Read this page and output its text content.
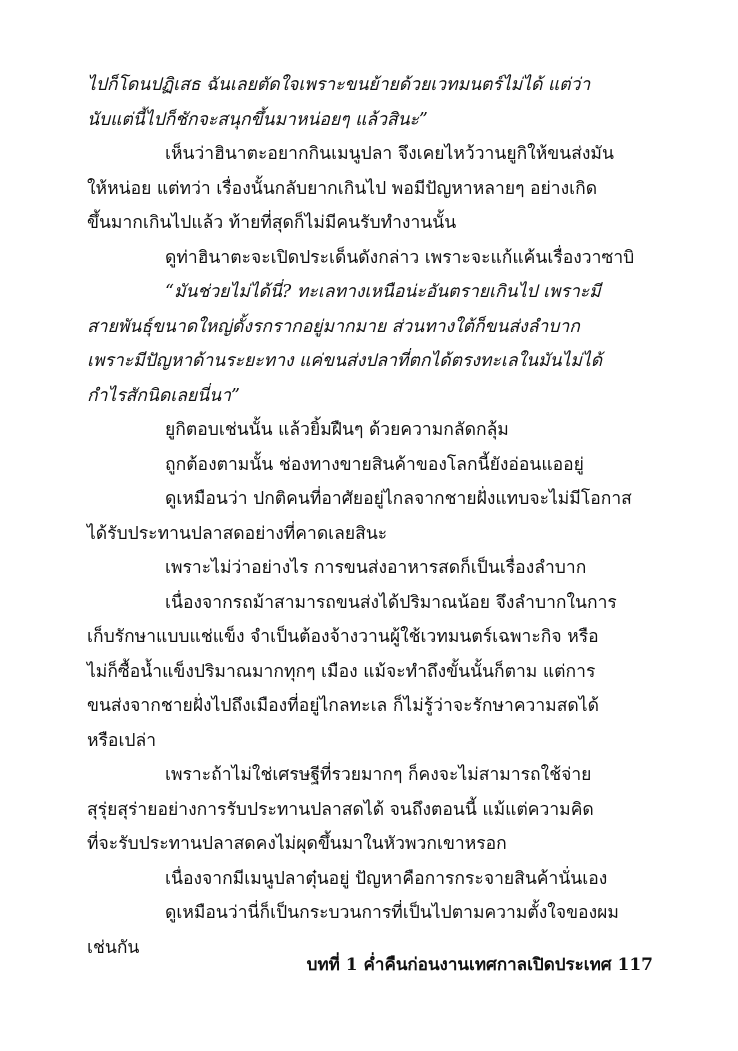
ไปก็โดนปฏิเสธ ฉันเลยตัดใจเพราะขนย้ายด้วยเวทมนตร์ไม่ได้ แต่ว่า
นับแต่นี้ไปก็ชักจะสนุกขึ้นมาหน่อยๆ แล้วสินะ”
เห็นว่าฮินาตะอยากกินเมนูปลา จึงเคยไหว้วานยูกิให้ขนส่งมัน
ให้หน่อย แต่ทว่า เรื่องนั้นกลับยากเกินไป พอมีปัญหาหลายๆ อย่างเกิด
ขึ้นมากเกินไปแล้ว ท้ายที่สุดก็ไม่มีคนรับทำงานนั้น
ดูท่าฮินาตะจะเปิดประเด็นดังกล่าว เพราะจะแก้แค้นเรื่องวาซาบิ
“มันช่วยไม่ได้นี่? ทะเลทางเหนือน่ะอันตรายเกินไป เพราะมี
สายพันธุ์ขนาดใหญ่ดั้งรกรากอยู่มากมาย ส่วนทางใต้ก็ขนส่งลำบาก
เพราะมีปัญหาด้านระยะทาง แค่ขนส่งปลาที่ตกได้ตรงทะเลในมันไม่ได้
กำไรสักนิดเลยนี่นา”
ยูกิตอบเช่นนั้น แล้วยิ้มฝืนๆ ด้วยความกลัดกลุ้ม
ถูกต้องตามนั้น ช่องทางขายสินค้าของโลกนี้ยังอ่อนแออยู่
ดูเหมือนว่า ปกติคนที่อาศัยอยู่ไกลจากชายฝั่งแทบจะไม่มีโอกาส
ได้รับประทานปลาสดอย่างที่คาดเลยสินะ
เพราะไม่ว่าอย่างไร การขนส่งอาหารสดก็เป็นเรื่องลำบาก
เนื่องจากรถม้าสามารถขนส่งได้ปริมาณน้อย จึงลำบากในการ
เก็บรักษาแบบแช่แข็ง จำเป็นต้องจ้างวานผู้ใช้เวทมนตร์เฉพาะกิจ หรือ
ไม่ก็ซื้อน้ำแข็งปริมาณมากทุกๆ เมือง แม้จะทำถึงขั้นนั้นก็ตาม แต่การ
ขนส่งจากชายฝั่งไปถึงเมืองที่อยู่ไกลทะเล ก็ไม่รู้ว่าจะรักษาความสดได้
หรือเปล่า
เพราะถ้าไม่ใช่เศรษฐีที่รวยมากๆ ก็คงจะไม่สามารถใช้จ่าย
สุรุ่ยสุร่ายอย่างการรับประทานปลาสดได้ จนถึงตอนนี้ แม้แต่ความคิด
ที่จะรับประทานปลาสดคงไม่ผุดขึ้นมาในหัวพวกเขาหรอก
เนื่องจากมีเมนูปลาตุ๋นอยู่ ปัญหาคือการกระจายสินค้านั่นเอง
ดูเหมือนว่านี่ก็เป็นกระบวนการที่เป็นไปตามความตั้งใจของผม
เช่นกัน
บทที่ 1 ค่ำคืนก่อนงานเทศกาลเปิดประเทศ 117
